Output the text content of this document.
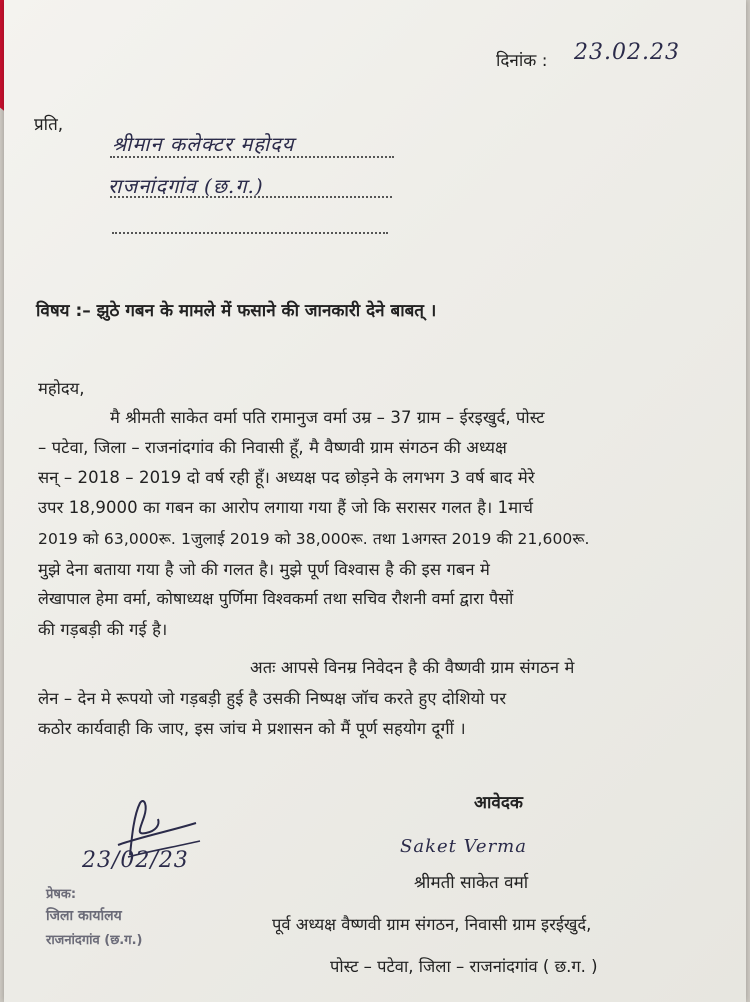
दिनांक : 23.02.23
प्रति,
श्रीमान कलेक्टर महोदय
राजनांदगांव (छ.ग.)
विषय :– झुठे गबन के मामले में फसाने की जानकारी देने बाबत् ।
महोदय,
मै श्रीमती साकेत वर्मा पति रामानुज वर्मा उम्र – 37 ग्राम – ईरइखुर्द, पोस्ट
– पटेवा, जिला – राजनांदगांव की निवासी हूँ, मै वैष्णवी ग्राम संगठन की अध्यक्ष
सन् – 2018 – 2019 दो वर्ष रही हूँ। अध्यक्ष पद छोड़ने के लगभग 3 वर्ष बाद मेरे
उपर 18,9000 का गबन का आरोप लगाया गया हैं जो कि सरासर गलत है। 1मार्च
2019 को 63,000रू. 1जुलाई 2019 को 38,000रू. तथा 1अगस्त 2019 की 21,600रू.
मुझे देना बताया गया है जो की गलत है। मुझे पूर्ण विश्वास है की इस गबन मे
लेखापाल हेमा वर्मा, कोषाध्यक्ष पुर्णिमा विश्वकर्मा तथा सचिव रौशनी वर्मा द्वारा पैसों
की गड़बड़ी की गई है।
अतः आपसे विनम्र निवेदन है की वैष्णवी ग्राम संगठन मे
लेन – देन मे रूपयो जो गड़बड़ी हुई है उसकी निष्पक्ष जॉच करते हुए दोशियो पर
कठोर कार्यवाही कि जाए, इस जांच मे प्रशासन को मैं पूर्ण सहयोग दूगीं ।
आवेदक
Saket Verma
श्रीमती साकेत वर्मा
पूर्व अध्यक्ष वैष्णवी ग्राम संगठन, निवासी ग्राम इरईखुर्द,
पोस्ट – पटेवा, जिला – राजनांदगांव ( छ.ग. )
23/02/23
प्रेषक:
जिला कार्यालय
राजनांदगांव (छ.ग.)
